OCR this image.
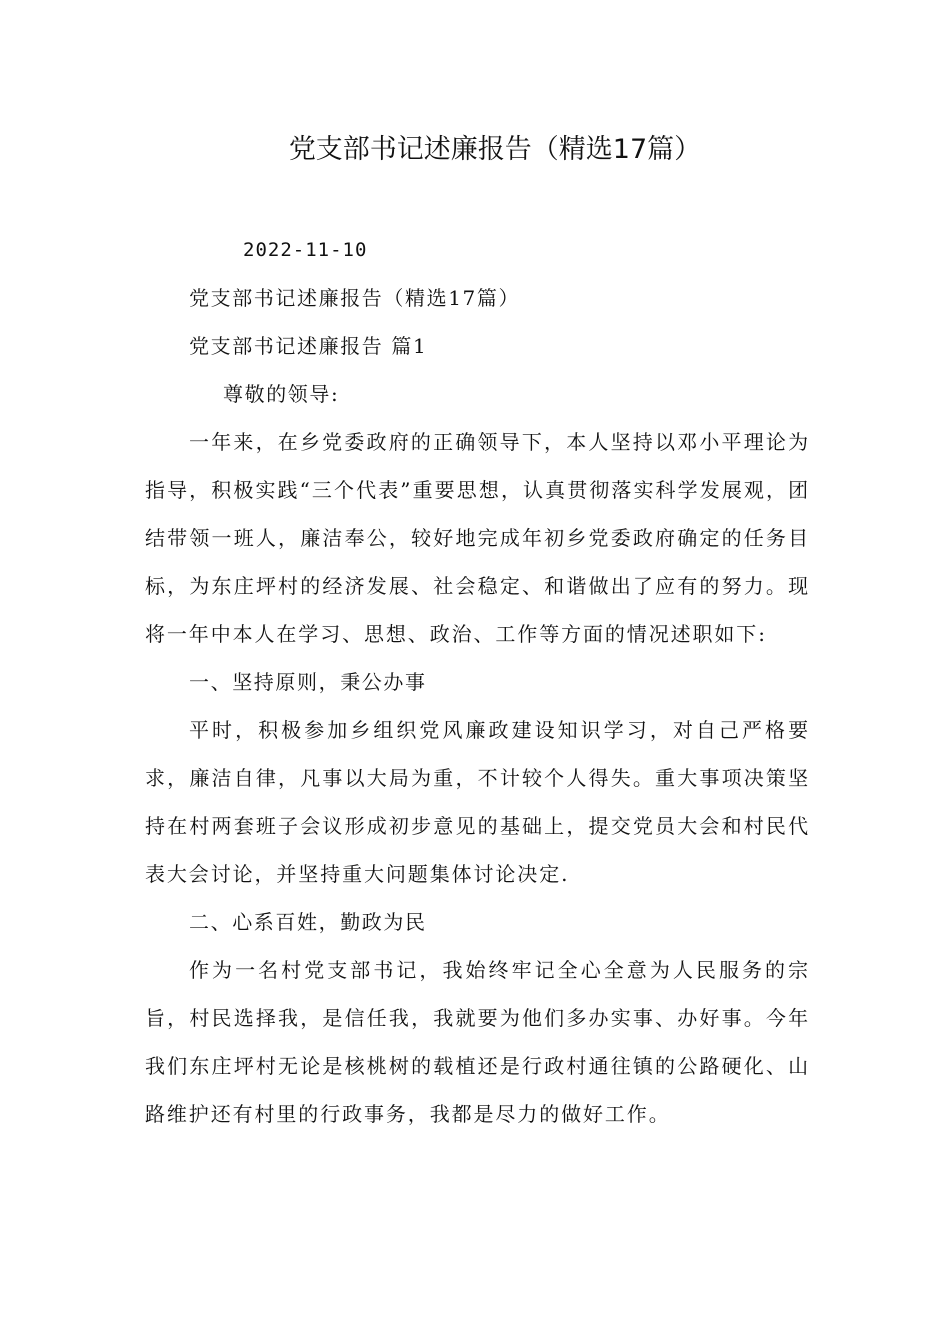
党支部书记述廉报告（精选17篇）

2022-11-10

党支部书记述廉报告（精选17篇）

党支部书记述廉报告 篇1

尊敬的领导:

一年来，在乡党委政府的正确领导下，本人坚持以邓小平理论为指导，积极实践“三个代表”重要思想，认真贯彻落实科学发展观，团结带领一班人，廉洁奉公，较好地完成年初乡党委政府确定的任务目标，为东庄坪村的经济发展、社会稳定、和谐做出了应有的努力。现将一年中本人在学习、思想、政治、工作等方面的情况述职如下:

一、坚持原则，秉公办事

平时，积极参加乡组织党风廉政建设知识学习，对自己严格要求，廉洁自律，凡事以大局为重，不计较个人得失。重大事项决策坚持在村两套班子会议形成初步意见的基础上，提交党员大会和村民代表大会讨论，并坚持重大问题集体讨论决定.

二、心系百姓，勤政为民

作为一名村党支部书记，我始终牢记全心全意为人民服务的宗旨，村民选择我，是信任我，我就要为他们多办实事、办好事。今年我们东庄坪村无论是核桃树的载植还是行政村通往镇的公路硬化、山路维护还有村里的行政事务，我都是尽力的做好工作。
